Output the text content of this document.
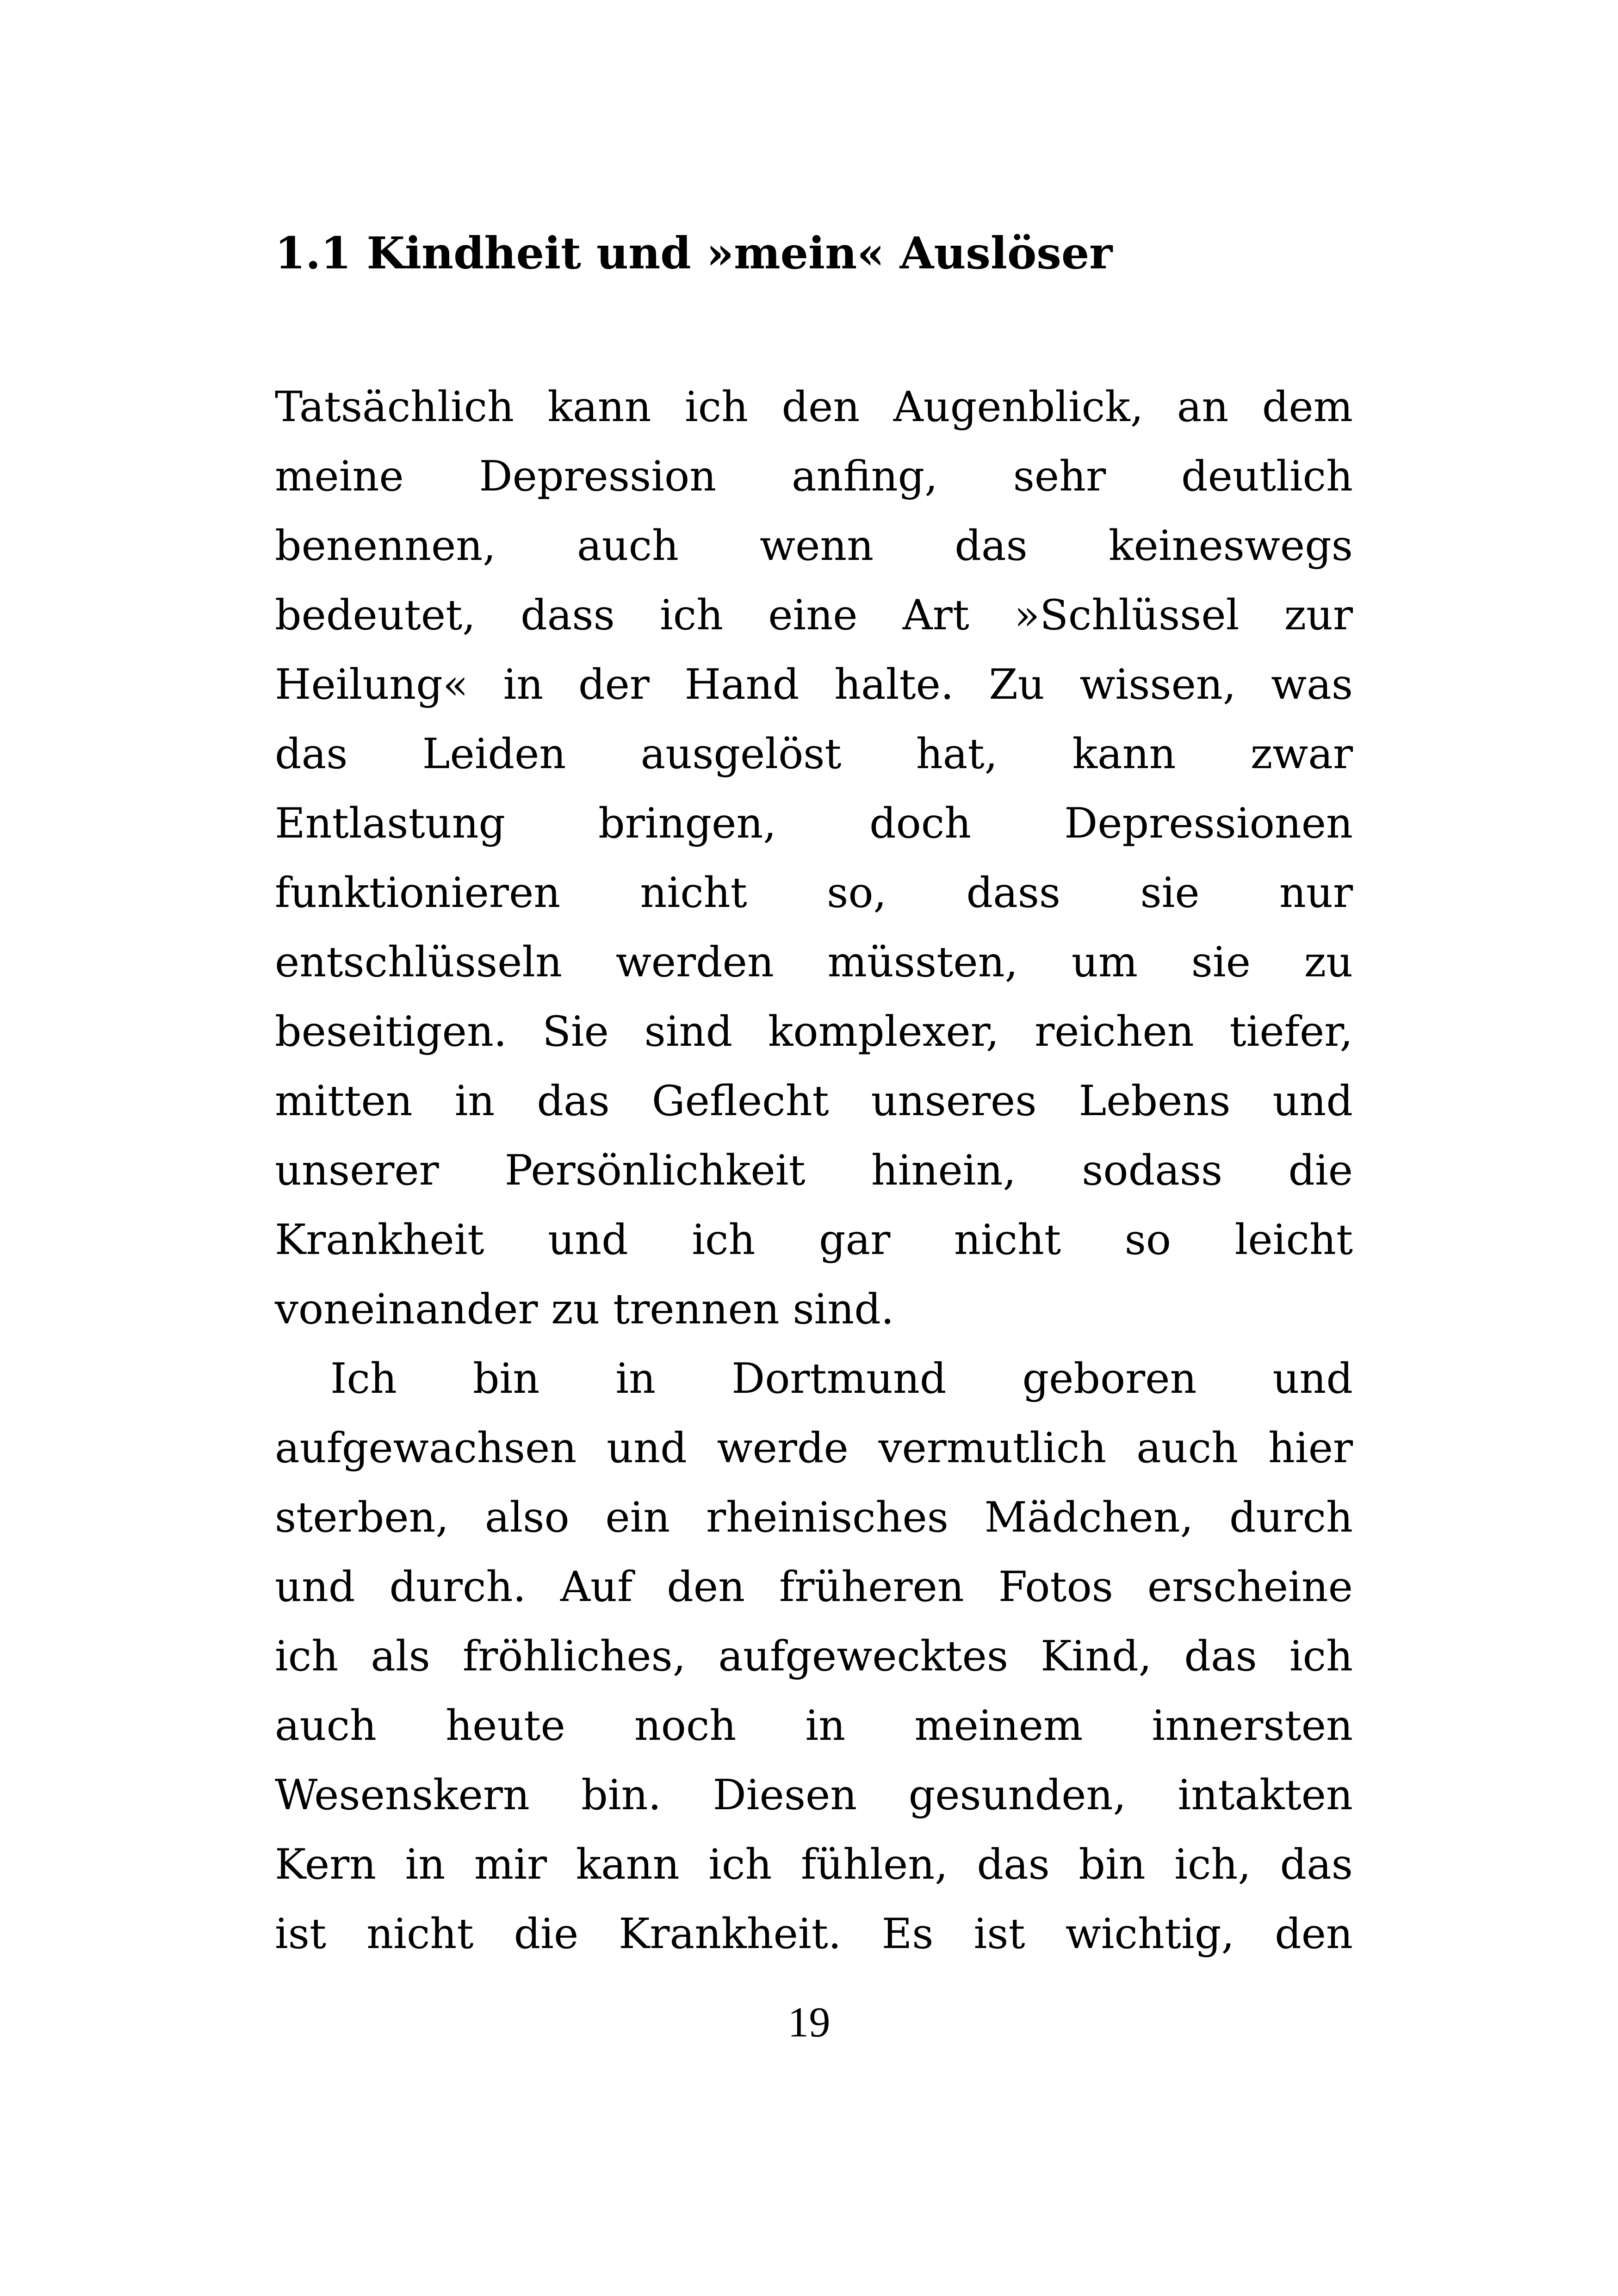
1.1 Kindheit und »mein« Auslöser
Tatsächlich kann ich den Augenblick, an dem
meine Depression anfing, sehr deutlich
benennen, auch wenn das keineswegs
bedeutet, dass ich eine Art »Schlüssel zur
Heilung« in der Hand halte. Zu wissen, was
das Leiden ausgelöst hat, kann zwar
Entlastung bringen, doch Depressionen
funktionieren nicht so, dass sie nur
entschlüsseln werden müssten, um sie zu
beseitigen. Sie sind komplexer, reichen tiefer,
mitten in das Geflecht unseres Lebens und
unserer Persönlichkeit hinein, sodass die
Krankheit und ich gar nicht so leicht
voneinander zu trennen sind.
Ich bin in Dortmund geboren und
aufgewachsen und werde vermutlich auch hier
sterben, also ein rheinisches Mädchen, durch
und durch. Auf den früheren Fotos erscheine
ich als fröhliches, aufgewecktes Kind, das ich
auch heute noch in meinem innersten
Wesenskern bin. Diesen gesunden, intakten
Kern in mir kann ich fühlen, das bin ich, das
ist nicht die Krankheit. Es ist wichtig, den
19
